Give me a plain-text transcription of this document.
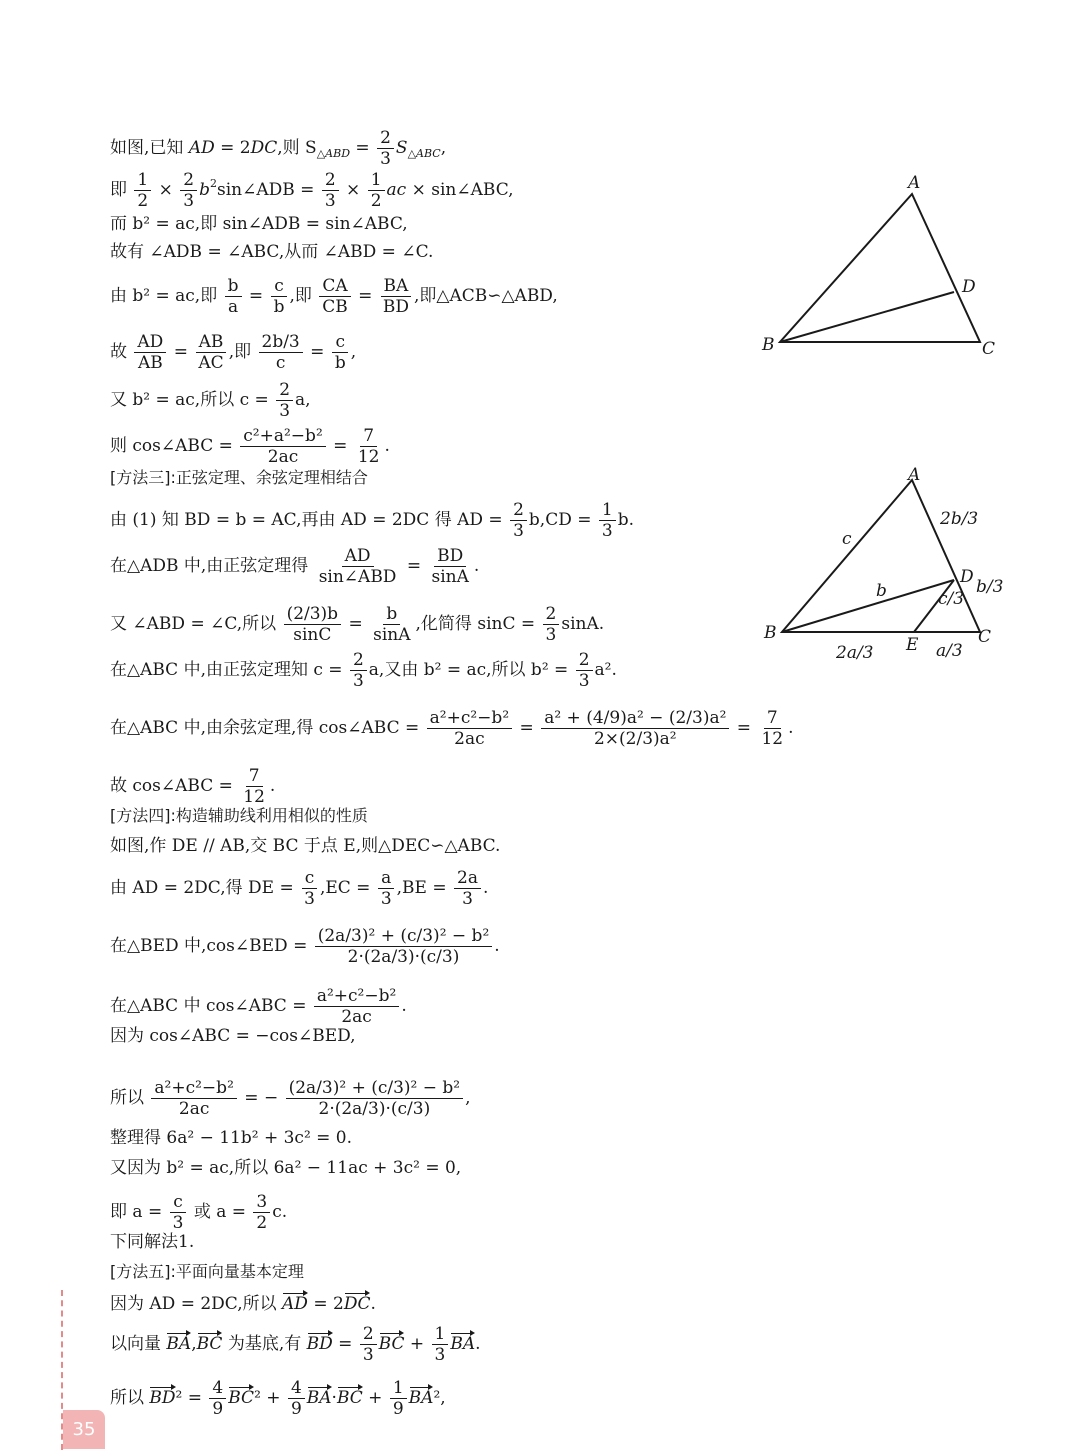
如图,已知 AD = 2DC,则 $S_{\triangle ABD} = \frac{2}{3} S_{\triangle ABC}$,
即 $\frac{1}{2} \times \frac{2}{3}$ $b^2\sin\angle ADB = \frac{2}{3} \times \frac{1}{2}$ ac × sin∠ABC,
而 b² = ac,即 sin∠ADB = sin∠ABC,
故有 ∠ADB = ∠ABC,从而 ∠ABD = ∠C.
由 b² = ac,即 $\frac{b}{a} = \frac{c}{b}$ ,即 $\frac{CA}{CB} = \frac{BA}{BD}$ ,即△ACB∽△ABD,
故 $\frac{AD}{AB} = \frac{AB}{AC}$ ,即 $\frac{2b/3}{c} = \frac{c}{b}$ ,
又 b² = ac,所以 $c = \frac{2}{3} a$,
则 cos∠ABC = $\frac{\text{c²+a²−b²}}{2ac} = \frac{7}{12}$ .
[方法三]:正弦定理、余弦定理相结合
由 (1) 知 BD = b = AC,再由 AD = 2DC 得 AD = $\frac{2}{3} b,CD = \frac{1}{3} b$.
在△ADB 中,由正弦定理得 $\frac{AD}{\text{sin∠ABD}} = \frac{BD}{\sin A}$ .
又 ∠ABD = ∠C,所以 $\frac{(2/3)b}{\sin C} = \frac{b}{\sin A}$ ,化简得 $\sin C = \frac{2}{3} \sin A$.
在△ABC 中,由正弦定理知 $c = \frac{2}{3} a$,又由 b² = ac,所以 $b^2 = \frac{2}{3} a^2$.
在△ABC 中,由余弦定理,得 cos∠ABC = $\frac{\text{a²+c²−b²}}{2ac} = \frac{\text{a² + (4/9)a² − (2/3)a²}}{\text{2×(2/3)a²}} = \frac{7}{12}$ .
故 cos∠ABC = $\frac{7}{12}$ .
[方法四]:构造辅助线利用相似的性质
如图,作 DE // AB,交 BC 于点 E,则△DEC∽△ABC.
由 AD = 2DC,得 DE = $\frac{c}{3} ,EC = \frac{a}{3} ,BE = \frac{2a}{3}$ .
在△BED 中,cos∠BED = $\frac{\text{(2a/3)² + (c/3)² − b²}}{2\cdot(2a/3)\cdot(c/3)}$ .
在△ABC 中 cos∠ABC = $\frac{\text{a²+c²−b²}}{2ac}$ .
因为 cos∠ABC = −cos∠BED,
所以 $\frac{\text{a²+c²−b²}}{2ac}$ = − $\frac{\text{(2a/3)² + (c/3)² − b²}}{2\cdot(2a/3)\cdot(c/3)}$ ,
整理得 6a² − 11b² + 3c² = 0.
又因为 b² = ac,所以 6a² − 11ac + 3c² = 0,
即 $a = \frac{c}{3}$ 或 $a = \frac{3}{2} c$.
下同解法1.
[方法五]:平面向量基本定理
因为 AD = 2DC,所以 AD = 2DC.
以向量 BA,BC 为基底,有 BD = $\frac{2}{3}$ BC + $\frac{1}{3}$ BA.
所以 $BD^2 = \frac{4}{9} BC^2 + \frac{4}{9} BA\cdot BC + \frac{1}{9} BA^2$,
A
B	C
D
A
B	C
D
E
c
b
2b/3
b/3
c/3
2a/3	a/3
35
